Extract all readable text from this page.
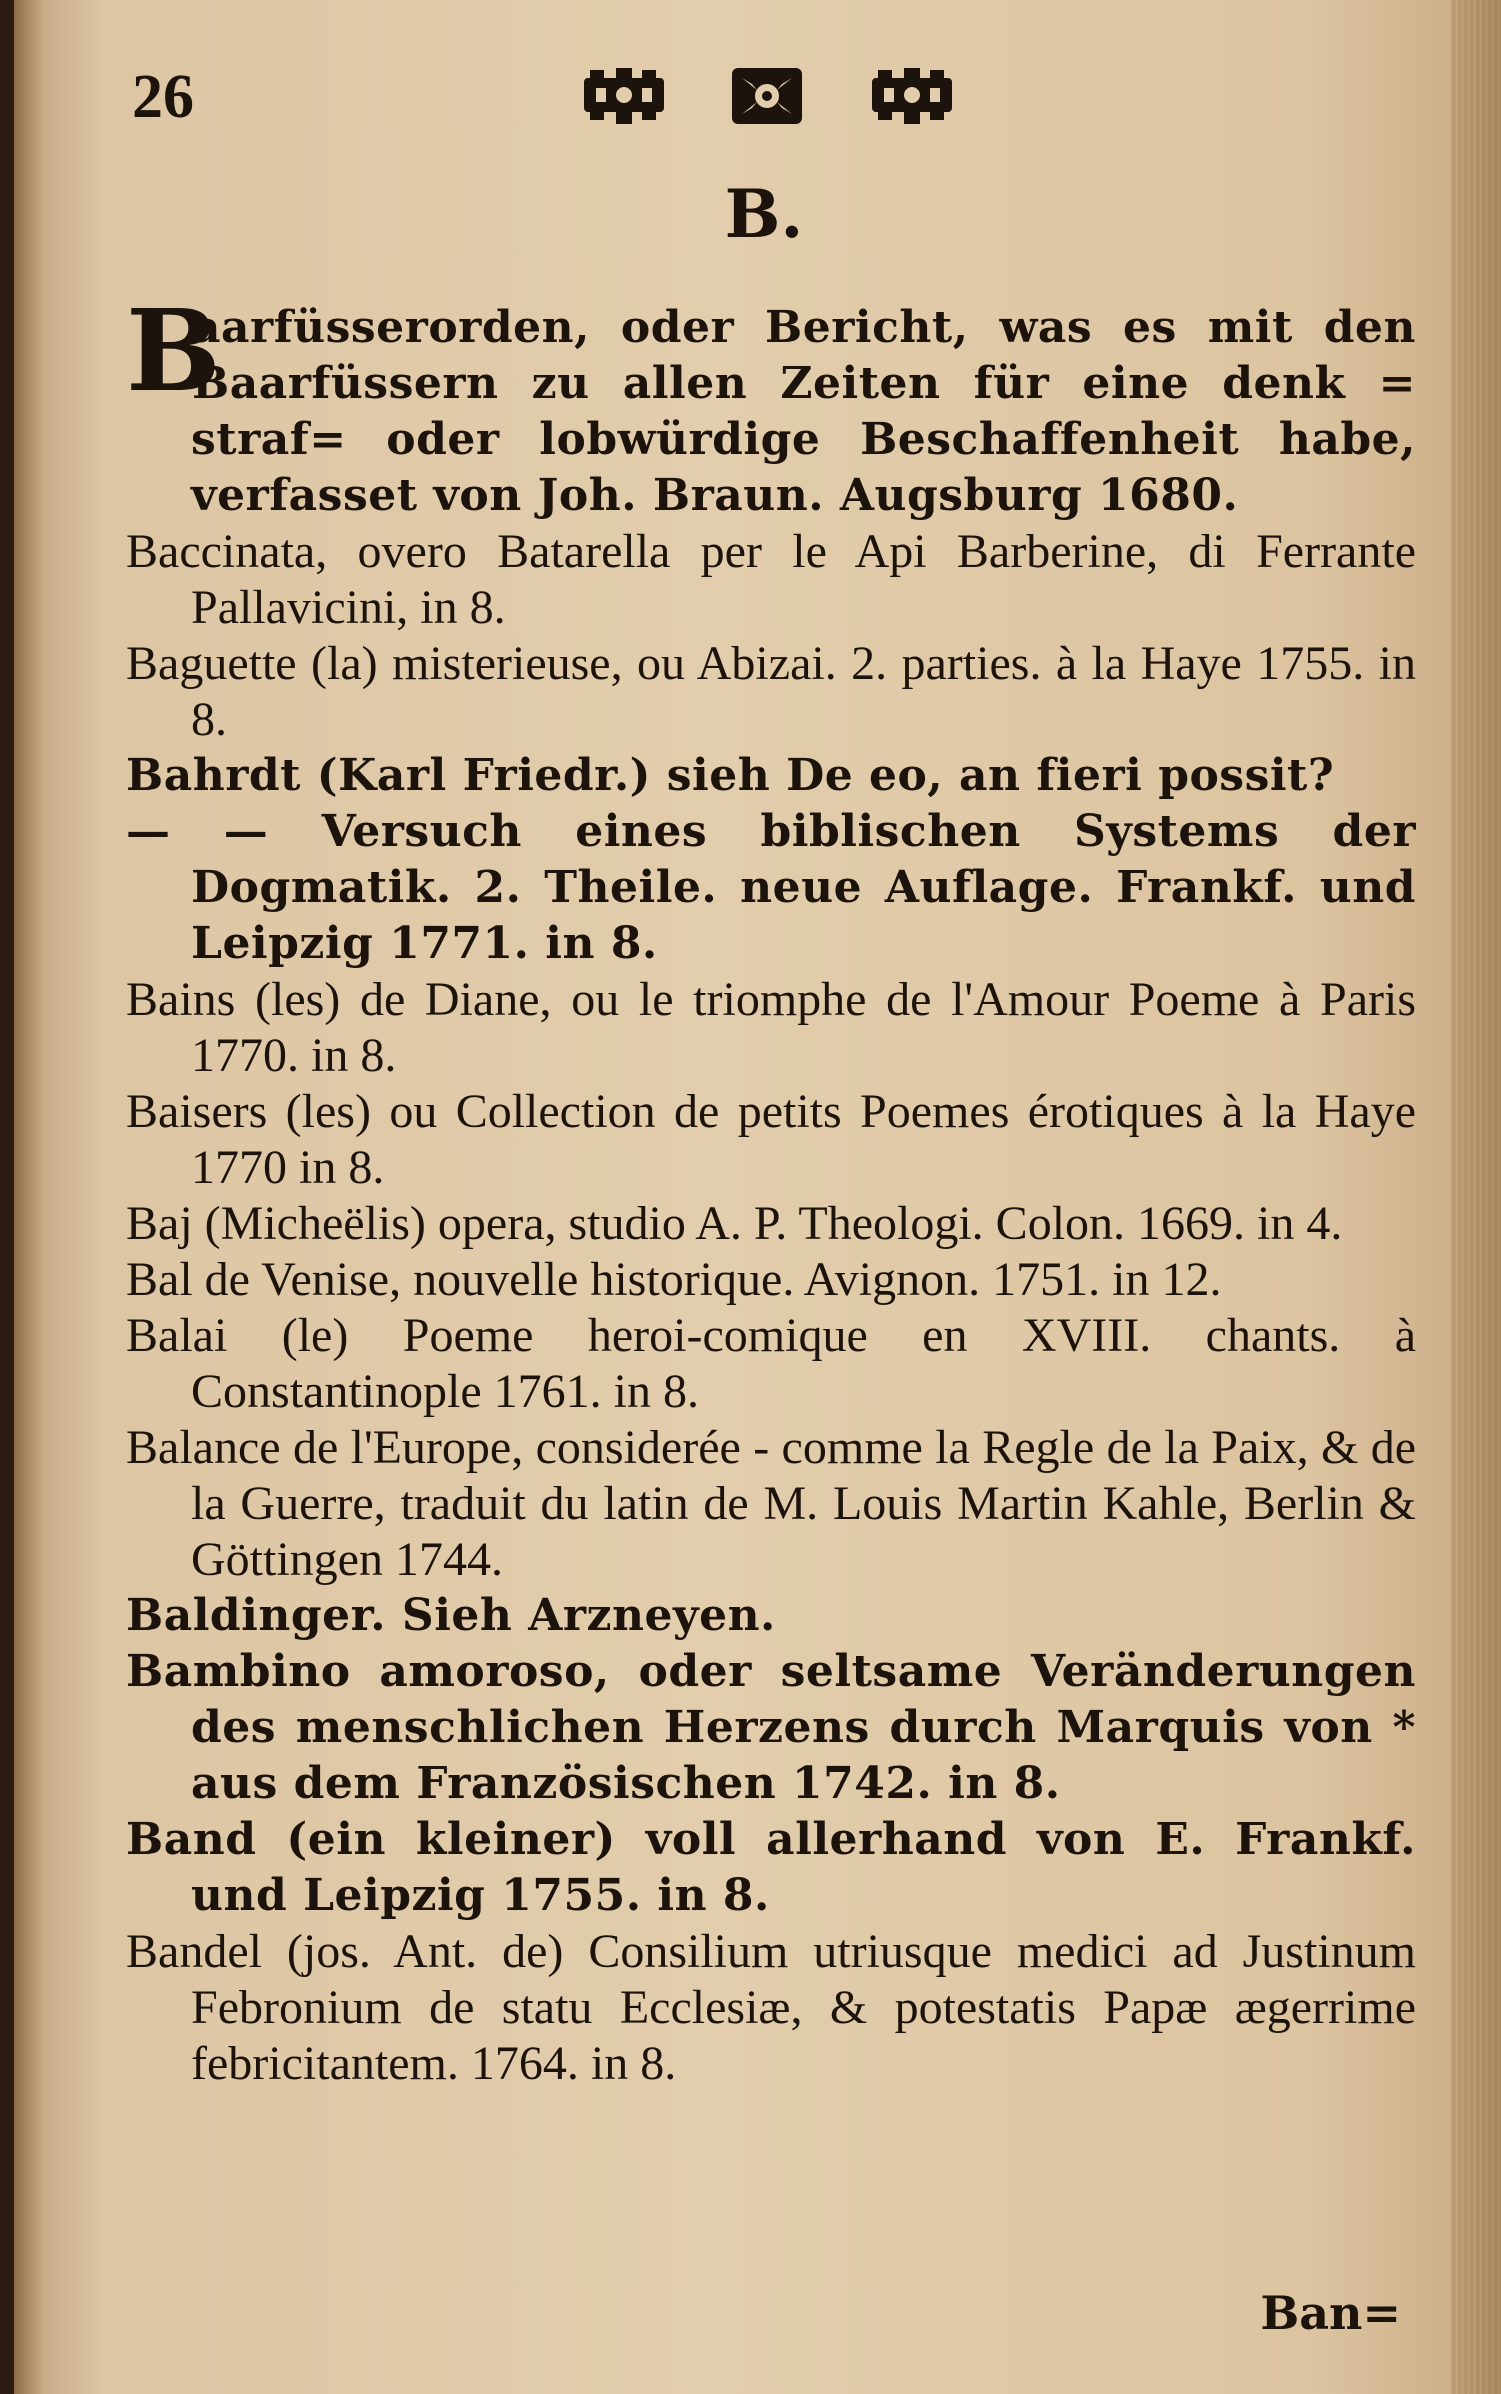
26
B.

B
aarfüsserorden, oder Bericht, was es mit den Baarfüssern zu allen Zeiten für eine denk = straf= oder lobwürdige Beschaffenheit habe, verfasset von Joh. Braun. Augsburg 1680.

Baccinata, overo Batarella per le Api Barberine, di Ferrante Pallavicini, in 8.

Baguette (la) misterieuse, ou Abizai. 2. parties. à la Haye 1755. in 8.

Bahrdt (Karl Friedr.) sieh De eo, an fieri possit?

— — Versuch eines biblischen Systems der Dogmatik. 2. Theile. neue Auflage. Frankf. und Leipzig 1771. in 8.

Bains (les) de Diane, ou le triomphe de l'Amour Poeme à Paris 1770. in 8.

Baisers (les) ou Collection de petits Poemes érotiques à la Haye 1770 in 8.

Baj (Micheëlis) opera, studio A. P. Theologi. Colon. 1669. in 4.

Bal de Venise, nouvelle historique. Avignon. 1751. in 12.

Balai (le) Poeme heroi-comique en XVIII. chants. à Constantinople 1761. in 8.

Balance de l'Europe, considerée - comme la Regle de la Paix, & de la Guerre, traduit du latin de M. Louis Martin Kahle, Berlin & Göttingen 1744.

Baldinger. Sieh Arzneyen.

Bambino amoroso, oder seltsame Veränderungen des menschlichen Herzens durch Marquis von * aus dem Französischen 1742. in 8.

Band (ein kleiner) voll allerhand von E. Frankf. und Leipzig 1755. in 8.

Bandel (jos. Ant. de) Consilium utriusque medici ad Justinum Febronium de statu Ecclesiæ, & potestatis Papæ ægerrime febricitantem. 1764. in 8.

Ban=
